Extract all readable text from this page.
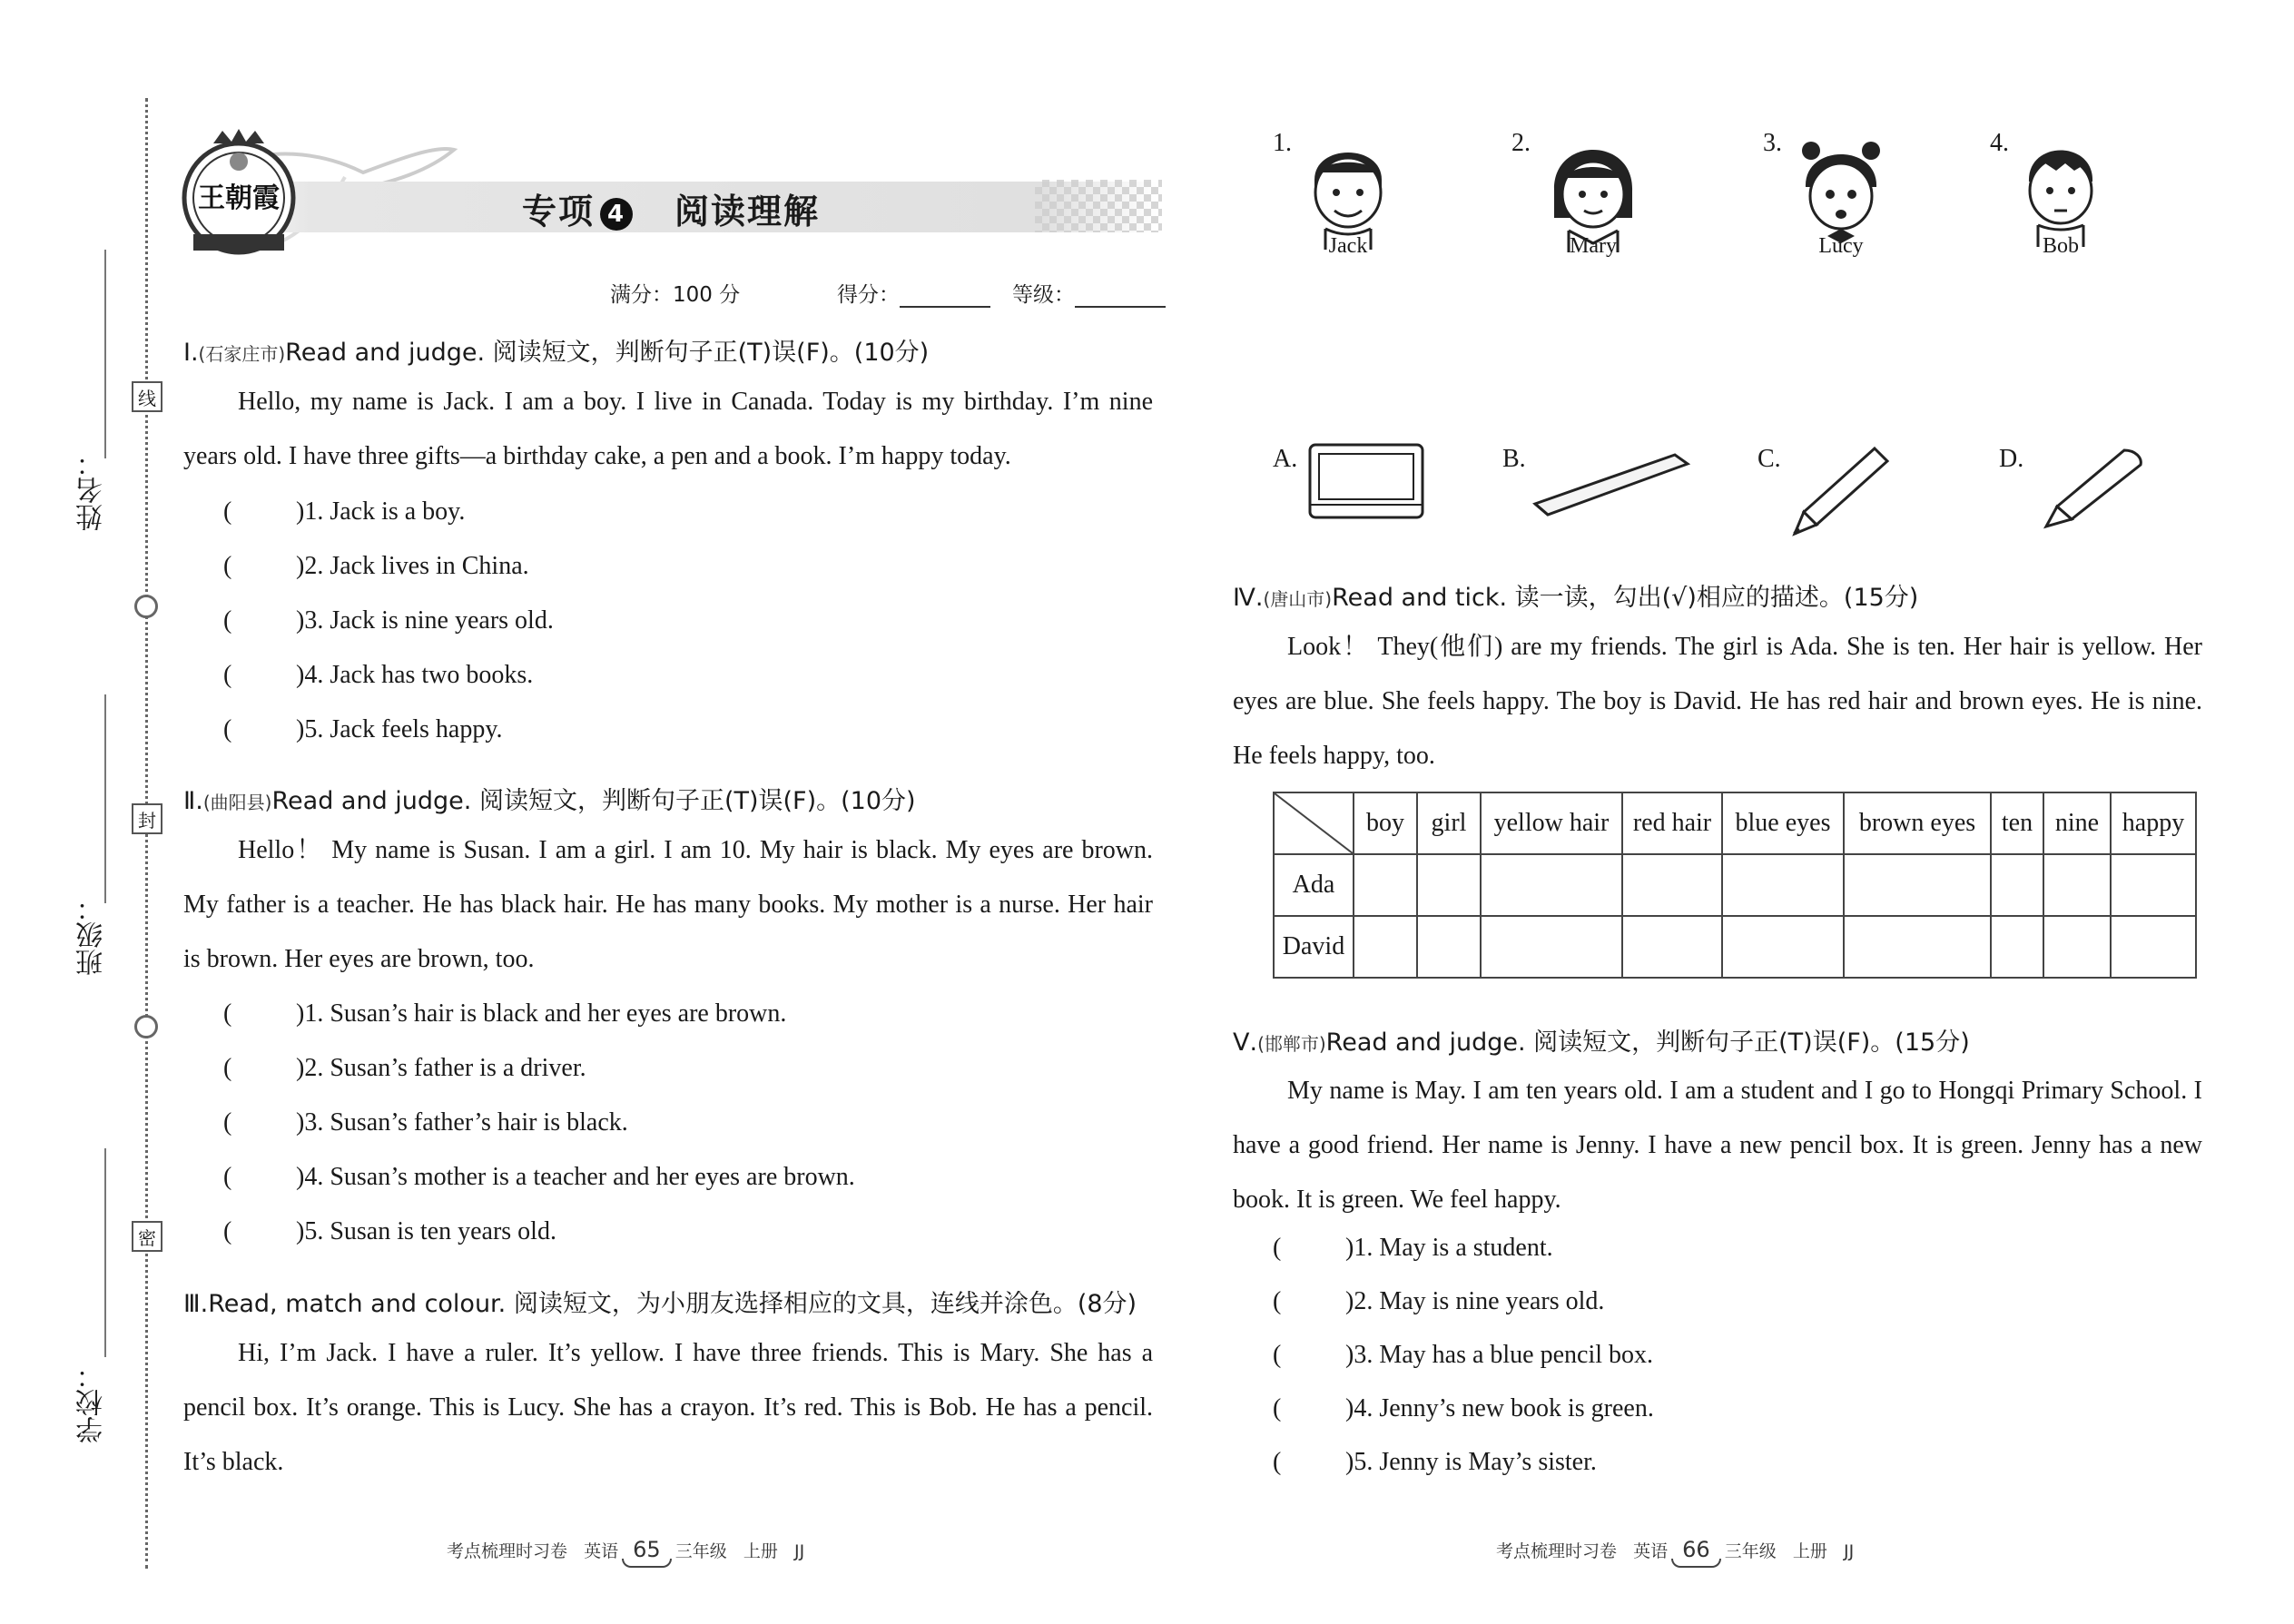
姓名：
班级：
学校：
线
封
密
王朝霞	专项 4 阅读理解
满分：100 分	得分：	等级：
Ⅰ.(石家庄市)Read and judge. 阅读短文，判断句子正(T)误(F)。(10分)
Hello, my name is Jack. I am a boy. I live in Canada. Today is my birthday. I’m nine years old. I have three gifts—a birthday cake, a pen and a book. I’m happy today.
(	)1. Jack is a boy.
(	)2. Jack lives in China.
(	)3. Jack is nine years old.
(	)4. Jack has two books.
(	)5. Jack feels happy.
Ⅱ.(曲阳县)Read and judge. 阅读短文，判断句子正(T)误(F)。(10分)
Hello！ My name is Susan. I am a girl. I am 10. My hair is black. My eyes are brown. My father is a teacher. He has black hair. He has many books. My mother is a nurse. Her hair is brown. Her eyes are brown, too.
(	)1. Susan’s hair is black and her eyes are brown.
(	)2. Susan’s father is a driver.
(	)3. Susan’s father’s hair is black.
(	)4. Susan’s mother is a teacher and her eyes are brown.
(	)5. Susan is ten years old.
Ⅲ.Read, match and colour. 阅读短文，为小朋友选择相应的文具，连线并涂色。(8分)
Hi, I’m Jack. I have a ruler. It’s yellow. I have three friends. This is Mary. She has a pencil box. It’s orange. This is Lucy. She has a crayon. It’s red. This is Bob. He has a pencil. It’s black.
考点梳理时习卷 英语 65 三年级 上册 JJ
1.
Jack
2.
Mary
3.
Lucy
4.
Bob
A.	B.	C.	D.
Ⅳ.(唐山市)Read and tick. 读一读，勾出(√)相应的描述。(15分)
Look！ They(他们) are my friends. The girl is Ada. She is ten. Her hair is yellow. Her eyes are blue. She feels happy. The boy is David. He has red hair and brown eyes. He is nine. He feels happy, too.
	boy	girl	yellow hair	red hair	blue eyes	brown eyes	ten	nine	happy
Ada									
David									
Ⅴ.(邯郸市)Read and judge. 阅读短文，判断句子正(T)误(F)。(15分)
My name is May. I am ten years old. I am a student and I go to Hongqi Primary School. I have a good friend. Her name is Jenny. I have a new pencil box. It is green. Jenny has a new book. It is green. We feel happy.
(	)1. May is a student.
(	)2. May is nine years old.
(	)3. May has a blue pencil box.
(	)4. Jenny’s new book is green.
(	)5. Jenny is May’s sister.
考点梳理时习卷 英语 66 三年级 上册 JJ
